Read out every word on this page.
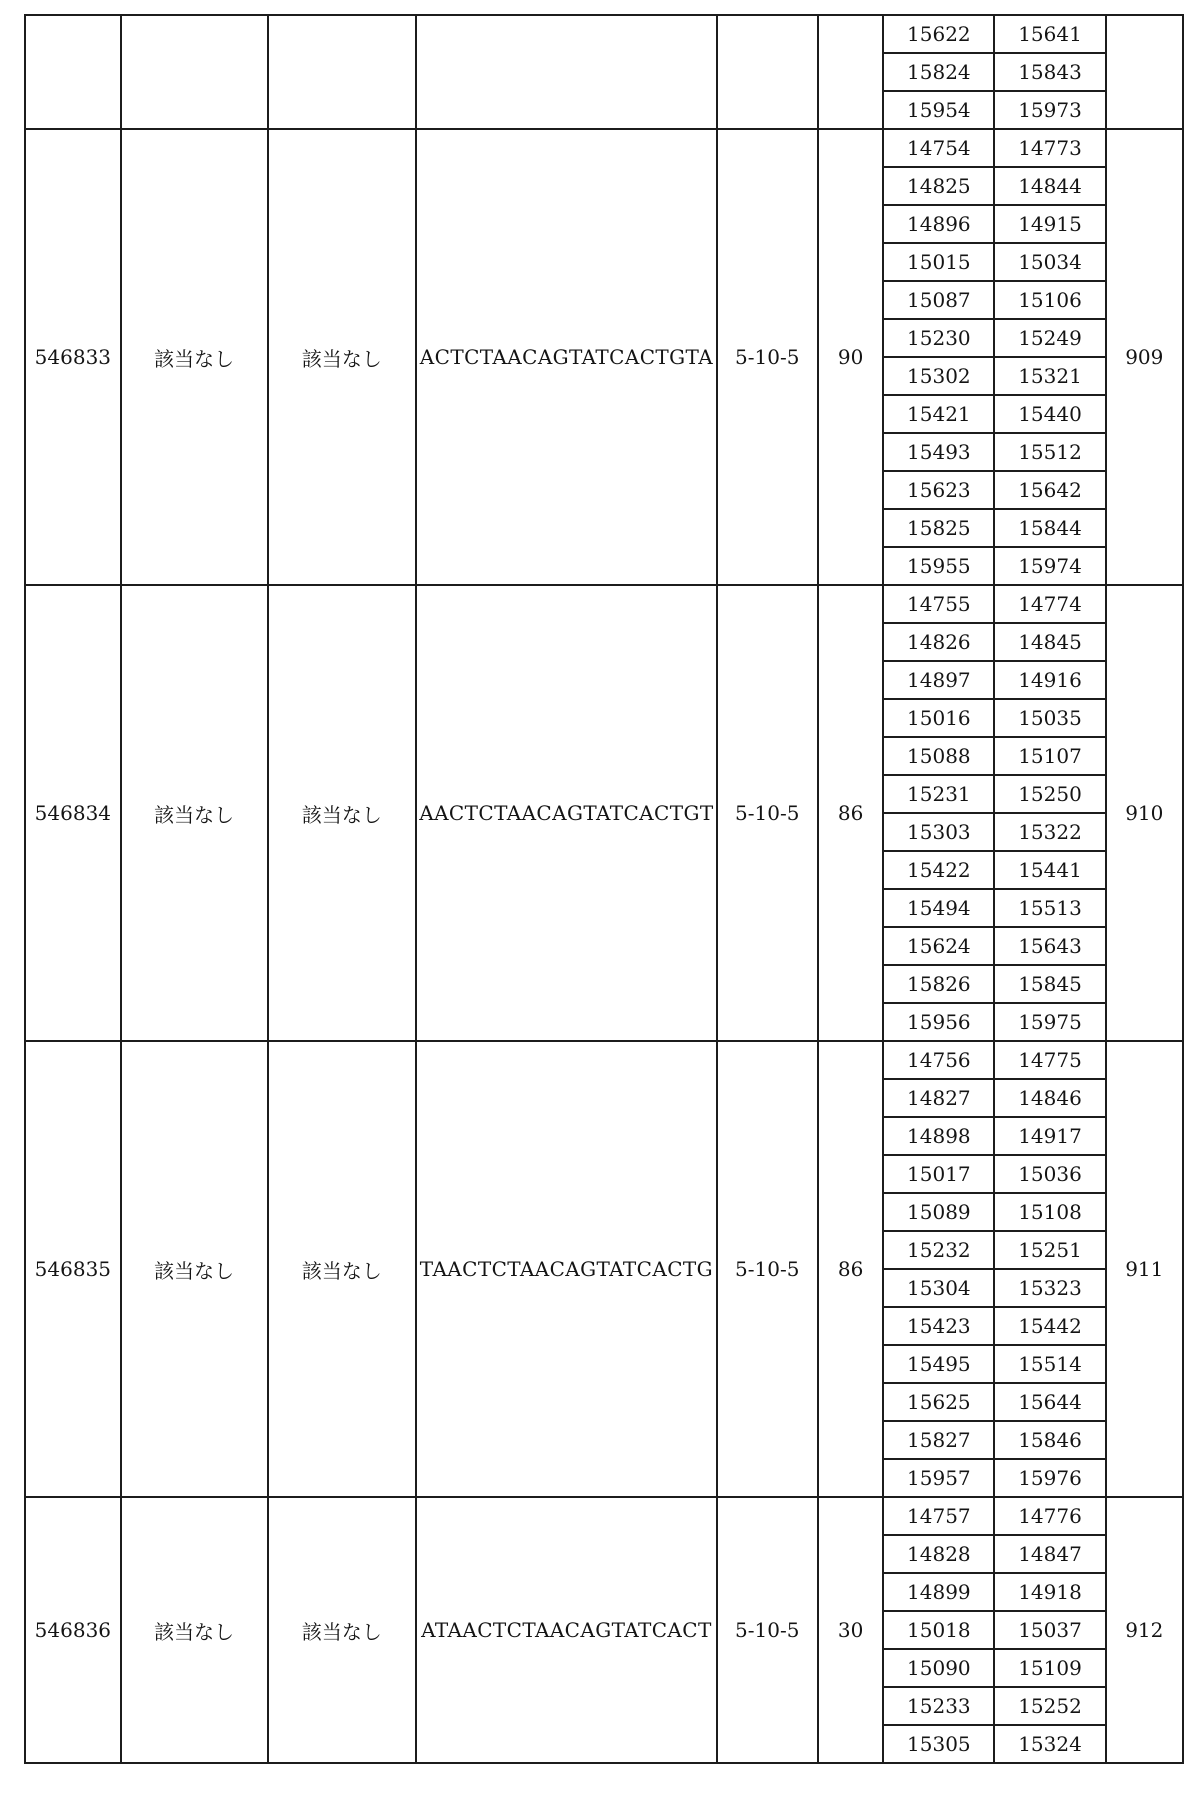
						15622	15641	
						15824	15843	
						15954	15973	
546833	該当なし	該当なし	ACTCTAACAGTATCACTGTA	5-10-5	90	14754	14773	909
						14825	14844	
						14896	14915	
						15015	15034	
						15087	15106	
						15230	15249	
						15302	15321	
						15421	15440	
						15493	15512	
						15623	15642	
						15825	15844	
						15955	15974	
546834	該当なし	該当なし	AACTCTAACAGTATCACTGT	5-10-5	86	14755	14774	910
						14826	14845	
						14897	14916	
						15016	15035	
						15088	15107	
						15231	15250	
						15303	15322	
						15422	15441	
						15494	15513	
						15624	15643	
						15826	15845	
						15956	15975	
546835	該当なし	該当なし	TAACTCTAACAGTATCACTG	5-10-5	86	14756	14775	911
						14827	14846	
						14898	14917	
						15017	15036	
						15089	15108	
						15232	15251	
						15304	15323	
						15423	15442	
						15495	15514	
						15625	15644	
						15827	15846	
						15957	15976	
546836	該当なし	該当なし	ATAACTCTAACAGTATCACT	5-10-5	30	14757	14776	912
						14828	14847	
						14899	14918	
						15018	15037	
						15090	15109	
						15233	15252	
						15305	15324	
